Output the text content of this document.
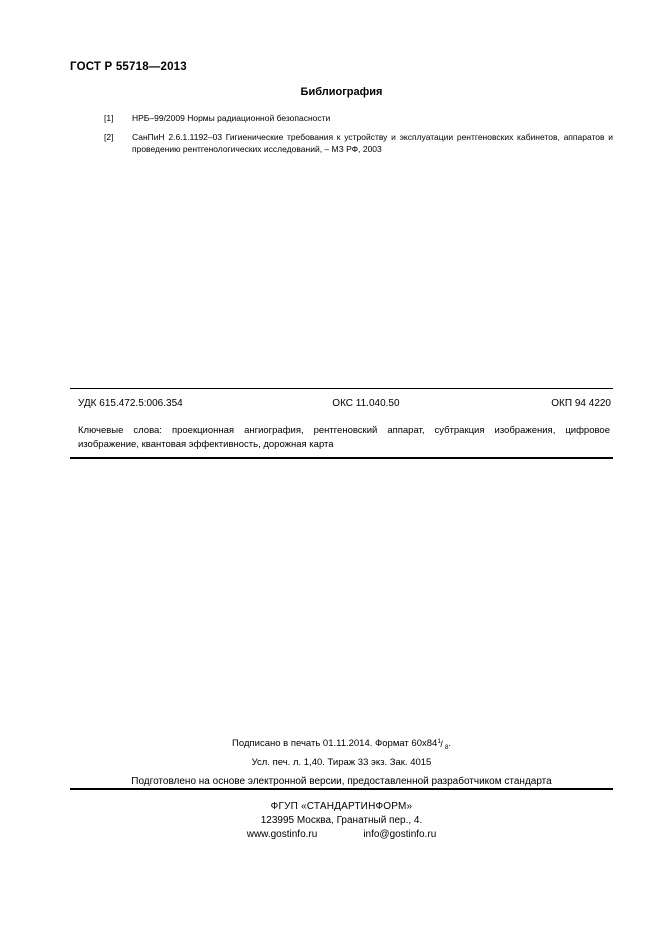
ГОСТ Р 55718—2013
Библиография
[1]	НРБ–99/2009 Нормы радиационной безопасности
[2]	СанПиН 2.6.1.1192–03 Гигиенические требования к устройству и эксплуатации рентгеновских кабинетов, аппаратов и проведению рентгенологических исследований, – МЗ РФ, 2003
УДК 615.472.5:006.354	ОКС 11.040.50	ОКП 94 4220
Ключевые слова: проекционная ангиография, рентгеновский аппарат, субтракция изображения, цифровое изображение, квантовая эффективность, дорожная карта
Подписано в печать 01.11.2014. Формат 60x84 1 / 8 .
Усл. печ. л. 1,40. Тираж 33 экз. Зак. 4015
Подготовлено на основе электронной версии, предоставленной разработчиком стандарта
ФГУП «СТАНДАРТИНФОРМ»
123995 Москва, Гранатный пер., 4.
www.gostinfo.ru	info@gostinfo.ru
